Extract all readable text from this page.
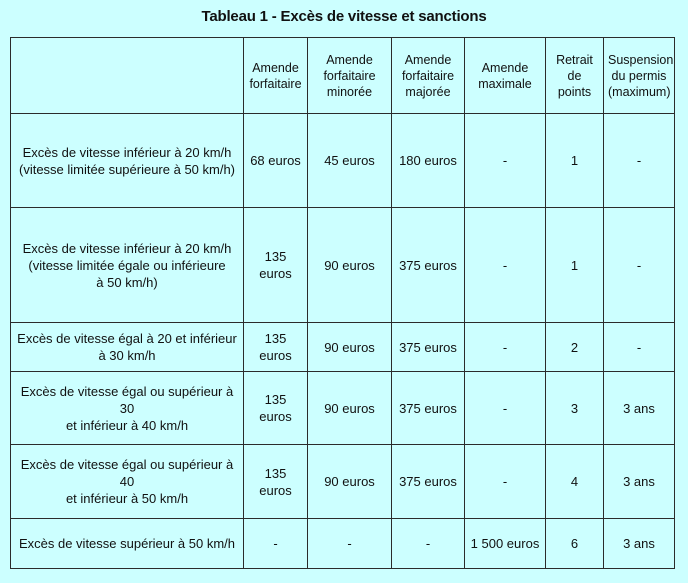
Tableau 1 - Excès de vitesse et sanctions
	Amende
forfaitaire	Amende
forfaitaire
minorée	Amende
forfaitaire
majorée	Amende
maximale	Retrait de
points	Suspension
du permis
(maximum)
Excès de vitesse inférieur à 20 km/h
(vitesse limitée supérieure à 50 km/h)	68 euros	45 euros	180 euros	-	1	-
Excès de vitesse inférieur à 20 km/h
(vitesse limitée égale ou inférieure
à 50 km/h)	135 euros	90 euros	375 euros	-	1	-
Excès de vitesse égal à 20 et inférieur
à 30 km/h	135 euros	90 euros	375 euros	-	2	-
Excès de vitesse égal ou supérieur à 30
et inférieur à 40 km/h	135 euros	90 euros	375 euros	-	3	3 ans
Excès de vitesse égal ou supérieur à 40
et inférieur à 50 km/h	135 euros	90 euros	375 euros	-	4	3 ans
Excès de vitesse supérieur à 50 km/h	-	-	-	1 500 euros	6	3 ans
